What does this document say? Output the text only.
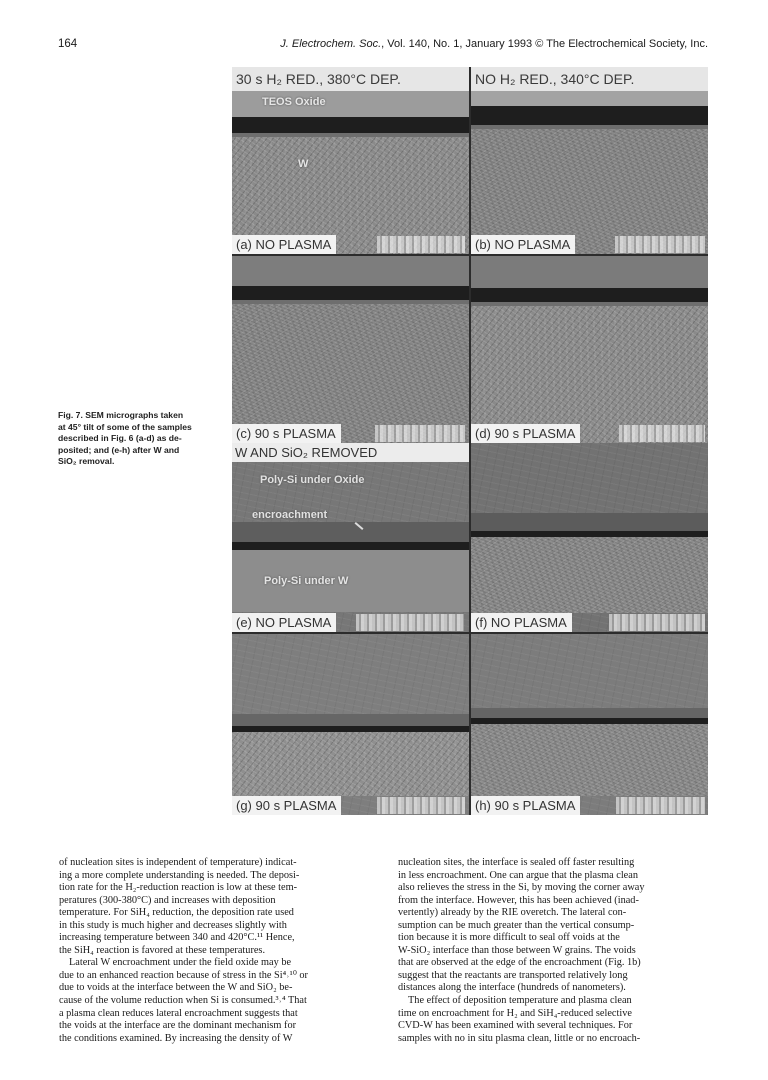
164	J. Electrochem. Soc., Vol. 140, No. 1, January 1993 © The Electrochemical Society, Inc.
30 s H₂ RED., 380°C DEP.
TEOS Oxide
W
(a) NO PLASMA
NO H₂ RED., 340°C DEP.
(b) NO PLASMA
(c) 90 s PLASMA	(d) 90 s PLASMA
W AND SiO₂ REMOVED
Poly-Si under Oxide
encroachment
Poly-Si under W
(e) NO PLASMA	(f) NO PLASMA
(g) 90 s PLASMA	(h) 90 s PLASMA
Fig. 7. SEM micrographs taken
at 45° tilt of some of the samples
described in Fig. 6 (a-d) as de-
posited; and (e-h) after W and
SiO₂ removal.

of nucleation sites is independent of temperature) indicat-

ing a more complete understanding is needed. The deposi-

tion rate for the H₂-reduction reaction is low at these tem-

peratures (300-380°C) and increases with deposition

temperature. For SiH₄ reduction, the deposition rate used

in this study is much higher and decreases slightly with

increasing temperature between 340 and 420°C.¹¹ Hence,

the SiH₄ reaction is favored at these temperatures.

Lateral W encroachment under the field oxide may be

due to an enhanced reaction because of stress in the Si⁴˒¹⁰ or

due to voids at the interface between the W and SiO₂ be-

cause of the volume reduction when Si is consumed.³˒⁴ That

a plasma clean reduces lateral encroachment suggests that

the voids at the interface are the dominant mechanism for

the conditions examined. By increasing the density of W

nucleation sites, the interface is sealed off faster resulting

in less encroachment. One can argue that the plasma clean

also relieves the stress in the Si, by moving the corner away

from the interface. However, this has been achieved (inad-

vertently) already by the RIE overetch. The lateral con-

sumption can be much greater than the vertical consump-

tion because it is more difficult to seal off voids at the

W-SiO₂ interface than those between W grains. The voids

that are observed at the edge of the encroachment (Fig. 1b)

suggest that the reactants are transported relatively long

distances along the interface (hundreds of nanometers).

The effect of deposition temperature and plasma clean

time on encroachment for H₂ and SiH₄-reduced selective

CVD-W has been examined with several techniques. For

samples with no in situ plasma clean, little or no encroach-
